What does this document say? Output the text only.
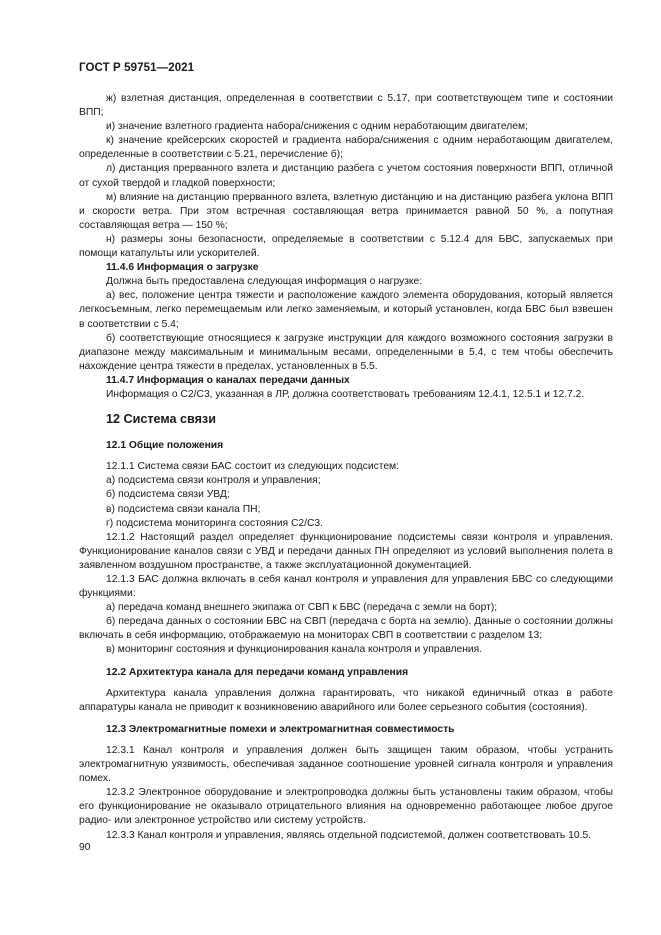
ГОСТ Р 59751—2021

ж) взлетная дистанция, определенная в соответствии с 5.17, при соответствующем типе и состоянии ВПП;

и) значение взлетного градиента набора/снижения с одним неработающим двигателем;

к) значение крейсерских скоростей и градиента набора/снижения с одним неработающим двигателем, определенные в соответствии с 5.21, перечисление б);

л) дистанция прерванного взлета и дистанцию разбега с учетом состояния поверхности ВПП, отличной от сухой твердой и гладкой поверхности;

м) влияние на дистанцию прерванного взлета, взлетную дистанцию и на дистанцию разбега уклона ВПП и скорости ветра. При этом встречная составляющая ветра принимается равной 50 %, а попутная составляющая ветра — 150 %;

н) размеры зоны безопасности, определяемые в соответствии с 5.12.4 для БВС, запускаемых при помощи катапульты или ускорителей.

11.4.6 Информация о загрузке

Должна быть предоставлена следующая информация о нагрузке:

а) вес, положение центра тяжести и расположение каждого элемента оборудования, который является легкосъемным, легко перемещаемым или легко заменяемым, и который установлен, когда БВС был взвешен в соответствии с 5.4;

б) соответствующие относящиеся к загрузке инструкции для каждого возможного состояния загрузки в диапазоне между максимальным и минимальным весами, определенными в 5.4, с тем чтобы обеспечить нахождение центра тяжести в пределах, установленных в 5.5.

11.4.7 Информация о каналах передачи данных

Информация о C2/C3, указанная в ЛР, должна соответствовать требованиям 12.4.1, 12.5.1 и 12.7.2.

12 Система связи

12.1 Общие положения

12.1.1 Система связи БАС состоит из следующих подсистем:

а) подсистема связи контроля и управления;

б) подсистема связи УВД;

в) подсистема связи канала ПН;

г) подсистема мониторинга состояния C2/C3.

12.1.2 Настоящий раздел определяет функционирование подсистемы связи контроля и управления. Функционирование каналов связи с УВД и передачи данных ПН определяют из условий выполнения полета в заявленном воздушном пространстве, а также эксплуатационной документацией.

12.1.3 БАС должна включать в себя канал контроля и управления для управления БВС со следующими функциями:

а) передача команд внешнего экипажа от СВП к БВС (передача с земли на борт);

б) передача данных о состоянии БВС на СВП (передача с борта на землю). Данные о состоянии должны включать в себя информацию, отображаемую на мониторах СВП в соответствии с разделом 13;

в) мониторинг состояния и функционирования канала контроля и управления.

12.2 Архитектура канала для передачи команд управления

Архитектура канала управления должна гарантировать, что никакой единичный отказ в работе аппаратуры канала не приводит к возникновению аварийного или более серьезного события (состояния).

12.3 Электромагнитные помехи и электромагнитная совместимость

12.3.1 Канал контроля и управления должен быть защищен таким образом, чтобы устранить электромагнитную уязвимость, обеспечивая заданное соотношение уровней сигнала контроля и управления помех.

12.3.2 Электронное оборудование и электропроводка должны быть установлены таким образом, чтобы его функционирование не оказывало отрицательного влияния на одновременно работающее любое другое радио- или электронное устройство или систему устройств.

12.3.3 Канал контроля и управления, являясь отдельной подсистемой, должен соответствовать 10.5.

90
